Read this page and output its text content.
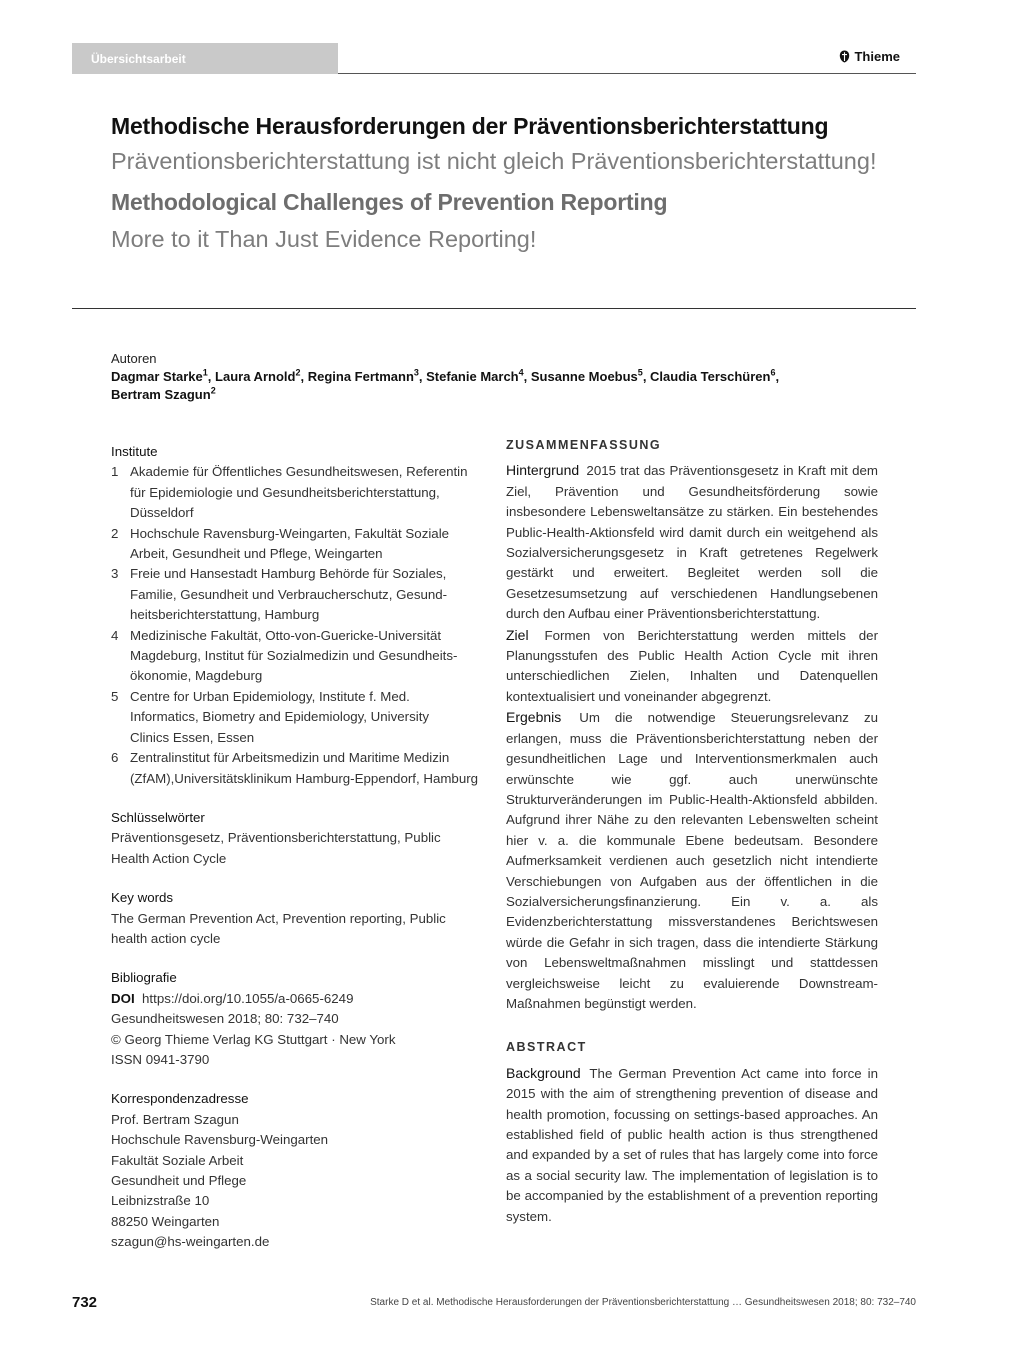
Übersichtsarbeit	Thieme
Methodische Herausforderungen der Präventionsberichterstattung
Präventionsberichterstattung ist nicht gleich Präventionsberichterstattung!
Methodological Challenges of Prevention Reporting
More to it Than Just Evidence Reporting!
Autoren
Dagmar Starke$^1$, Laura Arnold$^2$, Regina Fertmann$^3$, Stefanie March$^4$, Susanne Moebus$^5$, Claudia Terschüren$^6$,
Bertram Szagun$^2$
Institute
1 Akademie für Öffentliches Gesundheitswesen, Referentin
für Epidemiologie und Gesundheitsberichterstattung,
Düsseldorf
2 Hochschule Ravensburg-Weingarten, Fakultät Soziale
Arbeit, Gesundheit und Pflege, Weingarten
3 Freie und Hansestadt Hamburg Behörde für Soziales,
Familie, Gesundheit und Verbraucherschutz, Gesund-
heitsberichterstattung, Hamburg
4 Medizinische Fakultät, Otto-von-Guericke-Universität
Magdeburg, Institut für Sozialmedizin und Gesundheits-
ökonomie, Magdeburg
5 Centre for Urban Epidemiology, Institute f. Med.
Informatics, Biometry and Epidemiology, University
Clinics Essen, Essen
6 Zentralinstitut für Arbeitsmedizin und Maritime Medizin
(ZfAM),Universitätsklinikum Hamburg-Eppendorf, Hamburg
Schlüsselwörter
Präventionsgesetz, Präventionsberichterstattung, Public
Health Action Cycle
Key words
The German Prevention Act, Prevention reporting, Public
health action cycle
Bibliografie
DOI https://doi.org/10.1055/a-0665-6249
Gesundheitswesen 2018; 80: 732–740
© Georg Thieme Verlag KG Stuttgart · New York
ISSN 0941-3790
Korrespondenzadresse
Prof. Bertram Szagun
Hochschule Ravensburg-Weingarten
Fakultät Soziale Arbeit
Gesundheit und Pflege
Leibnizstraße 10
88250 Weingarten
szagun@hs-weingarten.de
ZUSAMMENFASSUNG

Hintergrund 2015 trat das Präventionsgesetz in Kraft mit dem Ziel, Prävention und Gesundheitsförderung sowie insbesondere Lebensweltansätze zu stärken. Ein bestehendes Public-Health-Aktionsfeld wird damit durch ein weitgehend als Sozialversicherungsgesetz in Kraft getretenes Regelwerk gestärkt und erweitert. Begleitet werden soll die Gesetzesumsetzung auf verschiedenen Handlungsebenen durch den Aufbau einer Präventionsberichterstattung.

Ziel Formen von Berichterstattung werden mittels der Planungsstufen des Public Health Action Cycle mit ihren unterschiedlichen Zielen, Inhalten und Datenquellen kontextualisiert und voneinander abgegrenzt.

Ergebnis Um die notwendige Steuerungsrelevanz zu erlangen, muss die Präventionsberichterstattung neben der gesundheitlichen Lage und Interventionsmerkmalen auch erwünschte wie ggf. auch unerwünschte Strukturveränderungen im Public-Health-Aktionsfeld abbilden. Aufgrund ihrer Nähe zu den relevanten Lebenswelten scheint hier v. a. die kommunale Ebene bedeutsam. Besondere Aufmerksamkeit verdienen auch gesetzlich nicht intendierte Verschiebungen von Aufgaben aus der öffentlichen in die Sozialversicherungsfinanzierung. Ein v. a. als Evidenzberichterstattung missverstandenes Berichtswesen würde die Gefahr in sich tragen, dass die intendierte Stärkung von Lebensweltmaßnahmen misslingt und stattdessen vergleichsweise leicht zu evaluierende Downstream-Maßnahmen begünstigt werden.

ABSTRACT

Background The German Prevention Act came into force in 2015 with the aim of strengthening prevention of disease and health promotion, focussing on settings-based approaches. An established field of public health action is thus strengthened and expanded by a set of rules that has largely come into force as a social security law. The implementation of legislation is to be accompanied by the establishment of a prevention reporting system.

732	Starke D et al. Methodische Herausforderungen der Präventionsberichterstattung … Gesundheitswesen 2018; 80: 732–740
